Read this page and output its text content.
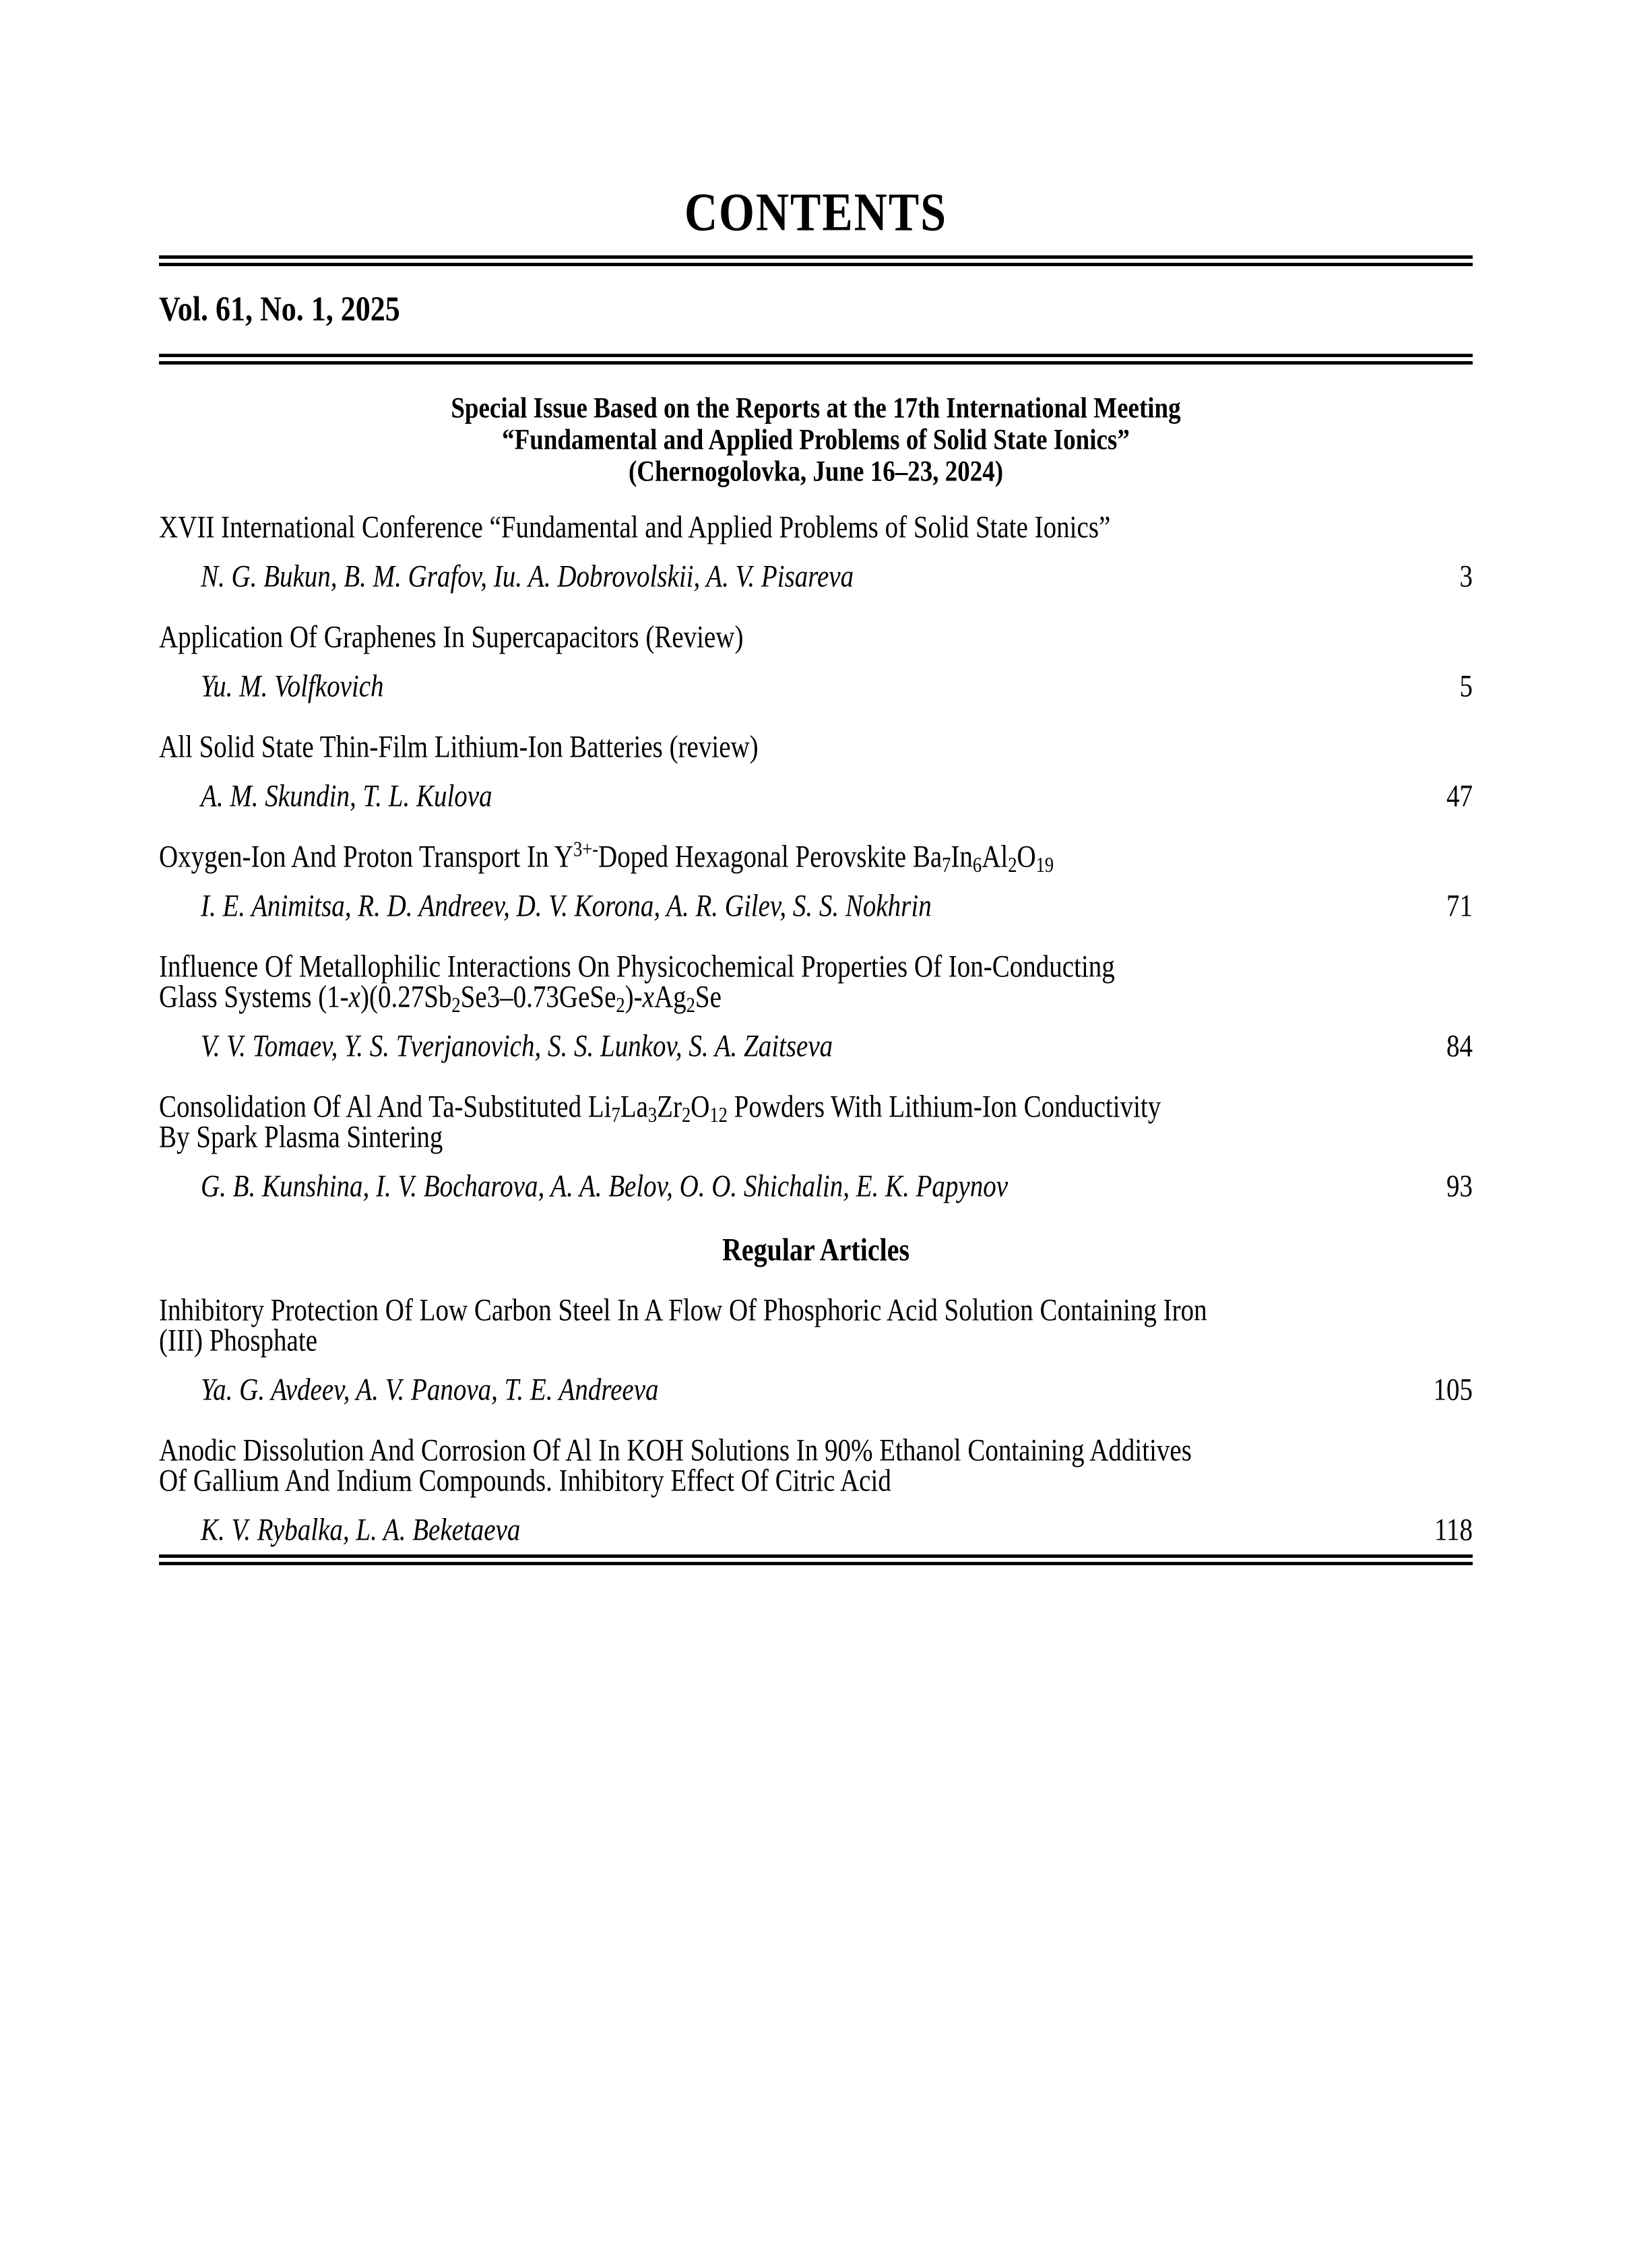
CONTENTS
Vol. 61, No. 1, 2025
Special Issue Based on the Reports at the 17th International Meeting
“Fundamental and Applied Problems of Solid State Ionics”
(Chernogolovka, June 16–23, 2024)
XVII International Conference “Fundamental and Applied Problems of Solid State Ionics”
N. G. Bukun, B. M. Grafov, Iu. A. Dobrovolskii, A. V. Pisareva	3
Application Of Graphenes In Supercapacitors (Review)
Yu. M. Volfkovich	5
All Solid State Thin-Film Lithium-Ion Batteries (review)
A. M. Skundin, T. L. Kulova	47
Oxygen-Ion And Proton Transport In $Y^{3+-}Doped$ Hexagonal Perovskite $Ba_7In_6Al_2O_{19}$
I. E. Animitsa, R. D. Andreev, D. V. Korona, A. R. Gilev, S. S. Nokhrin	71
Influence Of Metallophilic Interactions On Physicochemical Properties Of Ion-Conducting
Glass Systems $(1-x)(0.27Sb_2Se3-0.73GeSe_2)-xAg_2Se$
V. V. Tomaev, Y. S. Tverjanovich, S. S. Lunkov, S. A. Zaitseva	84
Consolidation Of Al And Ta-Substituted $Li_7La_3Zr_2O_{12}$ Powders With Lithium-Ion Conductivity
By Spark Plasma Sintering
G. B. Kunshina, I. V. Bocharova, A. A. Belov, O. O. Shichalin, E. K. Papynov	93
Regular Articles
Inhibitory Protection Of Low Carbon Steel In A Flow Of Phosphoric Acid Solution Containing Iron
(III) Phosphate
Ya. G. Avdeev, A. V. Panova, T. E. Andreeva	105
Anodic Dissolution And Corrosion Of Al In KOH Solutions In 90% Ethanol Containing Additives
Of Gallium And Indium Compounds. Inhibitory Effect Of Citric Acid
K. V. Rybalka, L. A. Beketaeva	118
